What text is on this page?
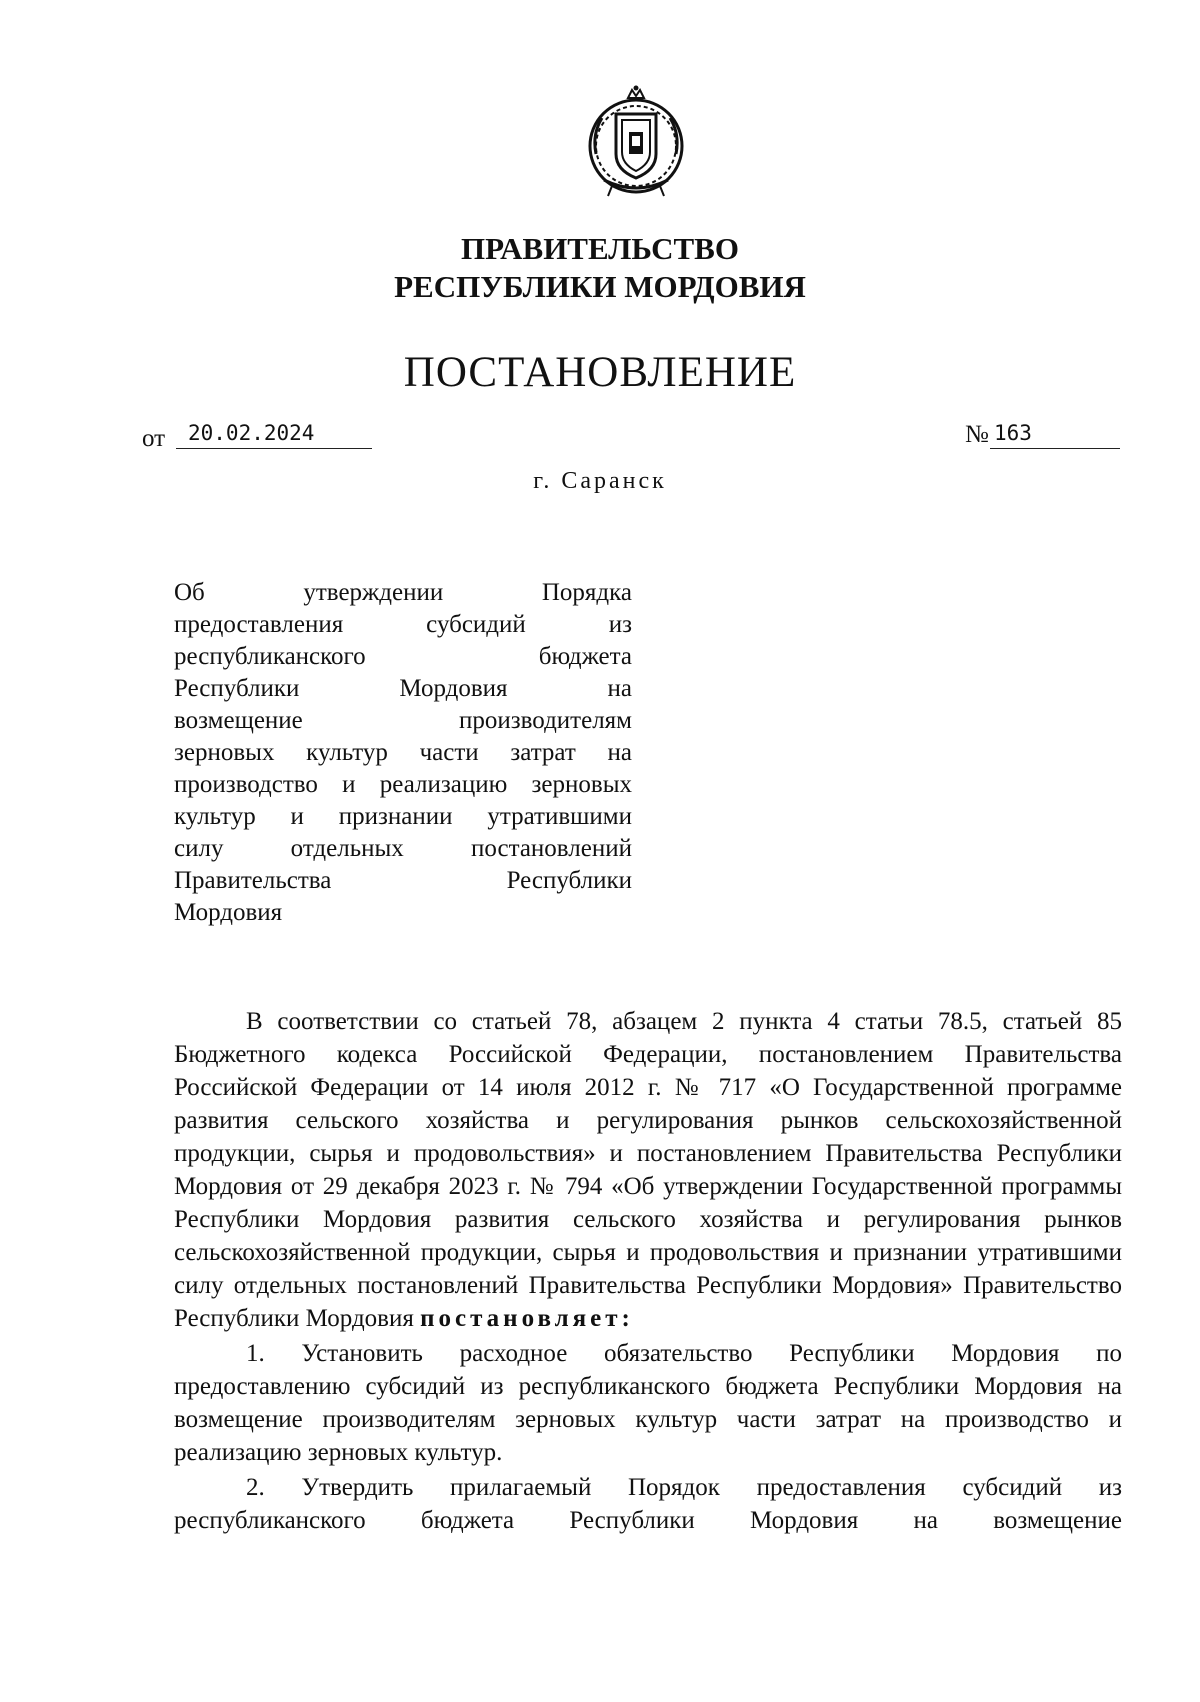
ПРАВИТЕЛЬСТВО
РЕСПУБЛИКИ МОРДОВИЯ
ПОСТАНОВЛЕНИЕ
от	20.02.2024	№ 163
г. Саранск
Об утверждении Порядка
предоставления субсидий из
республиканского бюджета
Республики Мордовия на
возмещение производителям
зерновых культур части затрат на
производство и реализацию зерновых
культур и признании утратившими
силу отдельных постановлений
Правительства Республики
Мордовия

В соответствии со статьей 78, абзацем 2 пункта 4 статьи 78.5, статьей 85 Бюджетного кодекса Российской Федерации, постановлением Правительства Российской Федерации от 14 июля 2012 г. № 717 «О Государственной программе развития сельского хозяйства и регулирования рынков сельскохозяйственной продукции, сырья и продовольствия» и постановлением Правительства Республики Мордовия от 29 декабря 2023 г. № 794 «Об утверждении Государственной программы Республики Мордовия развития сельского хозяйства и регулирования рынков сельскохозяйственной продукции, сырья и продовольствия и признании утратившими силу отдельных постановлений Правительства Республики Мордовия» Правительство Республики Мордовия постановляет:

1. Установить расходное обязательство Республики Мордовия по предоставлению субсидий из республиканского бюджета Республики Мордовия на возмещение производителям зерновых культур части затрат на производство и реализацию зерновых культур.

2. Утвердить прилагаемый Порядок предоставления субсидий из республиканского бюджета Республики Мордовия на возмещение
